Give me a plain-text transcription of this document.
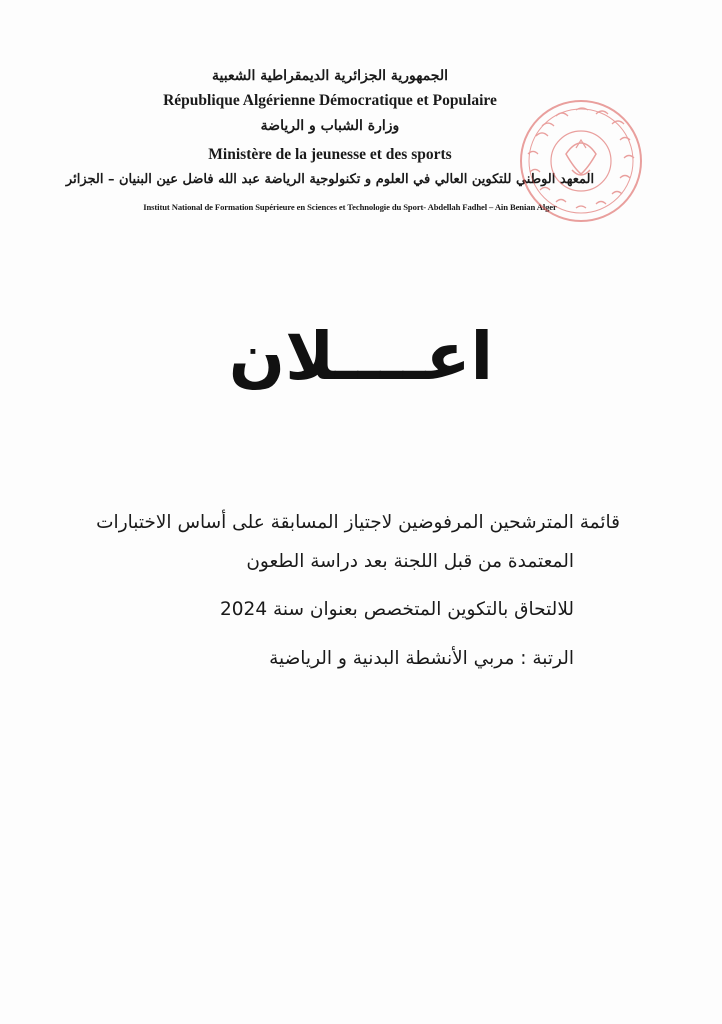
الجمهورية الجزائرية الديمقراطية الشعبية
République Algérienne Démocratique et Populaire
وزارة الشباب و الرياضة
Ministère de la jeunesse et des sports
المعهد الوطني للتكوين العالي في العلوم و تكنولوجية الرياضة عبد الله فاضل عين البنيان – الجزائر
Institut National de Formation Supérieure en Sciences et Technologie du Sport- Abdellah Fadhel – Ain Benian Alger
اعــــلان
قائمة المترشحين المرفوضين لاجتياز المسابقة على أساس الاختبارات
المعتمدة من قبل اللجنة بعد دراسة الطعون
للالتحاق بالتكوين المتخصص بعنوان سنة 2024
الرتبة : مربي الأنشطة البدنية و الرياضية
